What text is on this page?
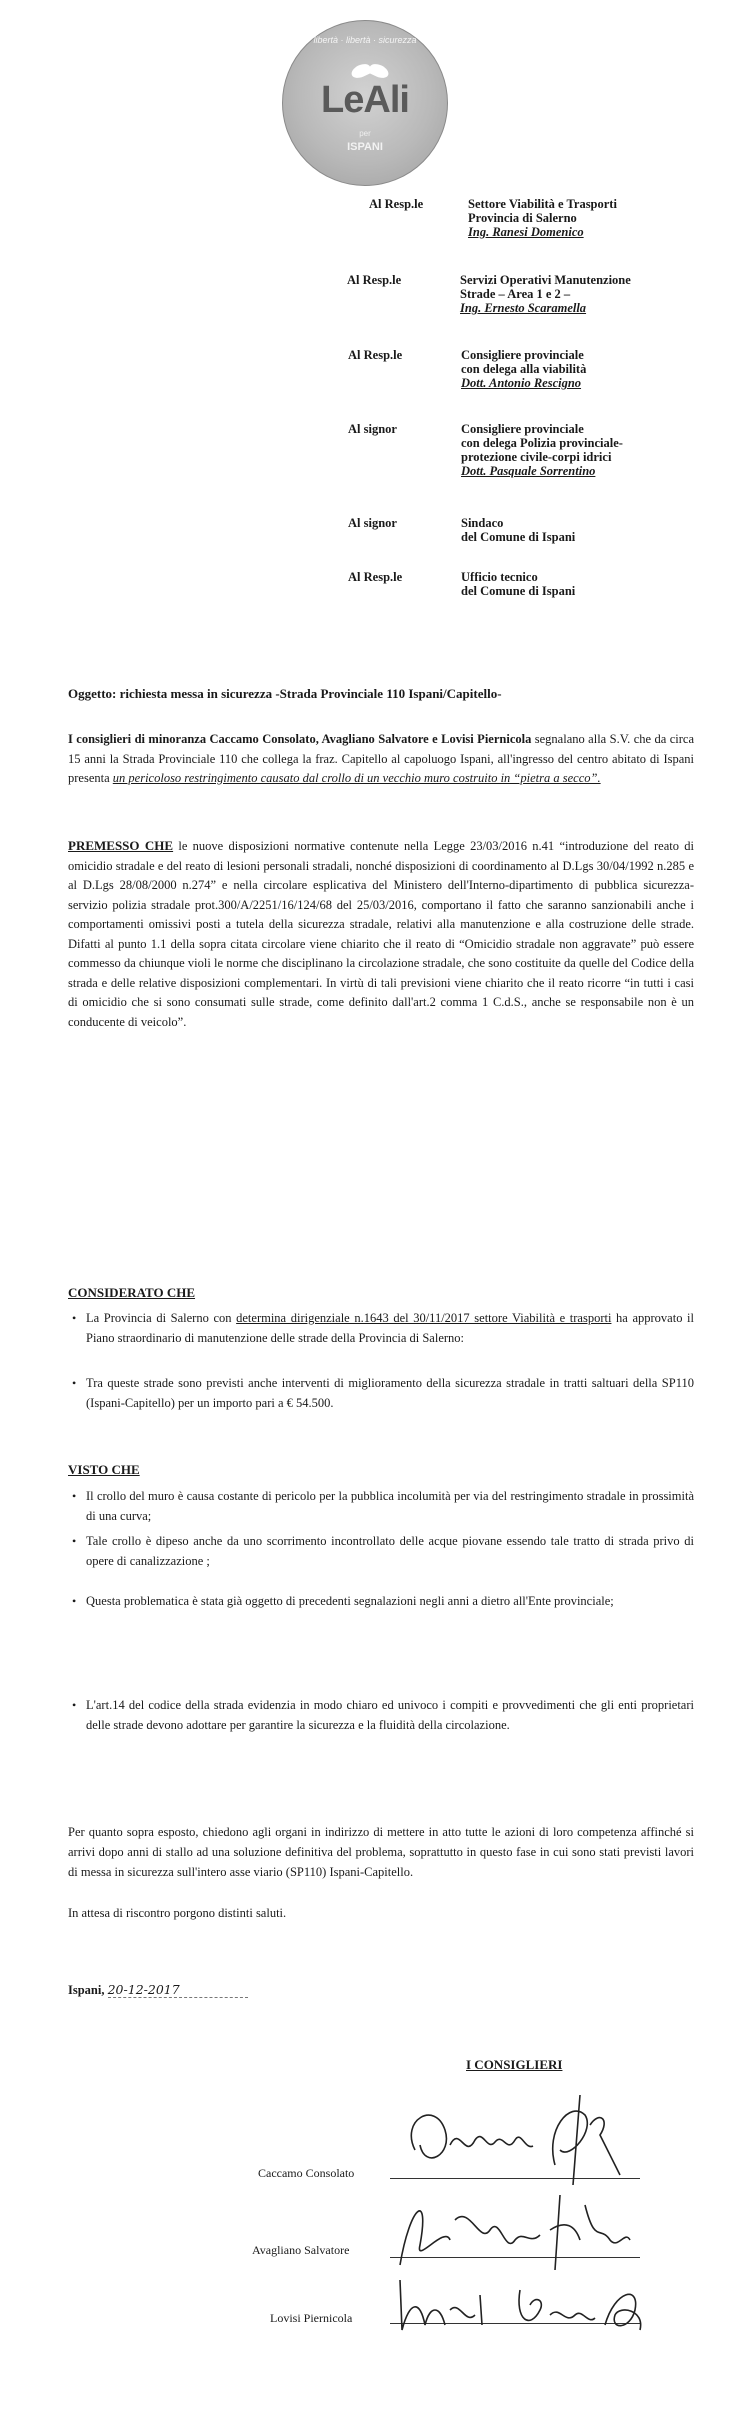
libertà · libertà · sicurezza
LeAli
per
ISPANI
Al Resp.le	Settore Viabilità e Trasporti
Provincia di Salerno
Ing. Ranesi Domenico
Al Resp.le	Servizi Operativi Manutenzione
Strade – Area 1 e 2 –
Ing. Ernesto Scaramella
Al Resp.le	Consigliere provinciale
con delega alla viabilità
Dott. Antonio Rescigno
Al signor	Consigliere provinciale
con delega Polizia provinciale-
protezione civile-corpi idrici
Dott. Pasquale Sorrentino
Al signor	Sindaco
del Comune di Ispani
Al Resp.le	Ufficio tecnico
del Comune di Ispani
Oggetto: richiesta messa in sicurezza -Strada Provinciale 110 Ispani/Capitello-
I consiglieri di minoranza Caccamo Consolato, Avagliano Salvatore e Lovisi Piernicola segnalano alla S.V. che da circa 15 anni la Strada Provinciale 110 che collega la fraz. Capitello al capoluogo Ispani, all'ingresso del centro abitato di Ispani presenta un pericoloso restringimento causato dal crollo di un vecchio muro costruito in “pietra a secco”.
PREMESSO CHE le nuove disposizioni normative contenute nella Legge 23/03/2016 n.41 “introduzione del reato di omicidio stradale e del reato di lesioni personali stradali, nonché disposizioni di coordinamento al D.Lgs 30/04/1992 n.285 e al D.Lgs 28/08/2000 n.274” e nella circolare esplicativa del Ministero dell'Interno-dipartimento di pubblica sicurezza-servizio polizia stradale prot.300/A/2251/16/124/68 del 25/03/2016, comportano il fatto che saranno sanzionabili anche i comportamenti omissivi posti a tutela della sicurezza stradale, relativi alla manutenzione e alla costruzione delle strade. Difatti al punto 1.1 della sopra citata circolare viene chiarito che il reato di “Omicidio stradale non aggravate” può essere commesso da chiunque violi le norme che disciplinano la circolazione stradale, che sono costituite da quelle del Codice della strada e delle relative disposizioni complementari. In virtù di tali previsioni viene chiarito che il reato ricorre “in tutti i casi di omicidio che si sono consumati sulle strade, come definito dall'art.2 comma 1 C.d.S., anche se responsabile non è un conducente di veicolo”.
CONSIDERATO CHE
• La Provincia di Salerno con determina dirigenziale n.1643 del 30/11/2017 settore Viabilità e trasporti ha approvato il Piano straordinario di manutenzione delle strade della Provincia di Salerno:
• Tra queste strade sono previsti anche interventi di miglioramento della sicurezza stradale in tratti saltuari della SP110 (Ispani-Capitello) per un importo pari a € 54.500.
VISTO CHE
• Il crollo del muro è causa costante di pericolo per la pubblica incolumità per via del restringimento stradale in prossimità di una curva;
• Tale crollo è dipeso anche da uno scorrimento incontrollato delle acque piovane essendo tale tratto di strada privo di opere di canalizzazione ;
• Questa problematica è stata già oggetto di precedenti segnalazioni negli anni a dietro all'Ente provinciale;
• L'art.14 del codice della strada evidenzia in modo chiaro ed univoco i compiti e provvedimenti che gli enti proprietari delle strade devono adottare per garantire la sicurezza e la fluidità della circolazione.
Per quanto sopra esposto, chiedono agli organi in indirizzo di mettere in atto tutte le azioni di loro competenza affinché si arrivi dopo anni di stallo ad una soluzione definitiva del problema, soprattutto in questo fase in cui sono stati previsti lavori di messa in sicurezza sull'intero asse viario (SP110) Ispani-Capitello.
In attesa di riscontro porgono distinti saluti.
Ispani, 20-12-2017
I CONSIGLIERI
Caccamo Consolato
Avagliano Salvatore
Lovisi Piernicola
